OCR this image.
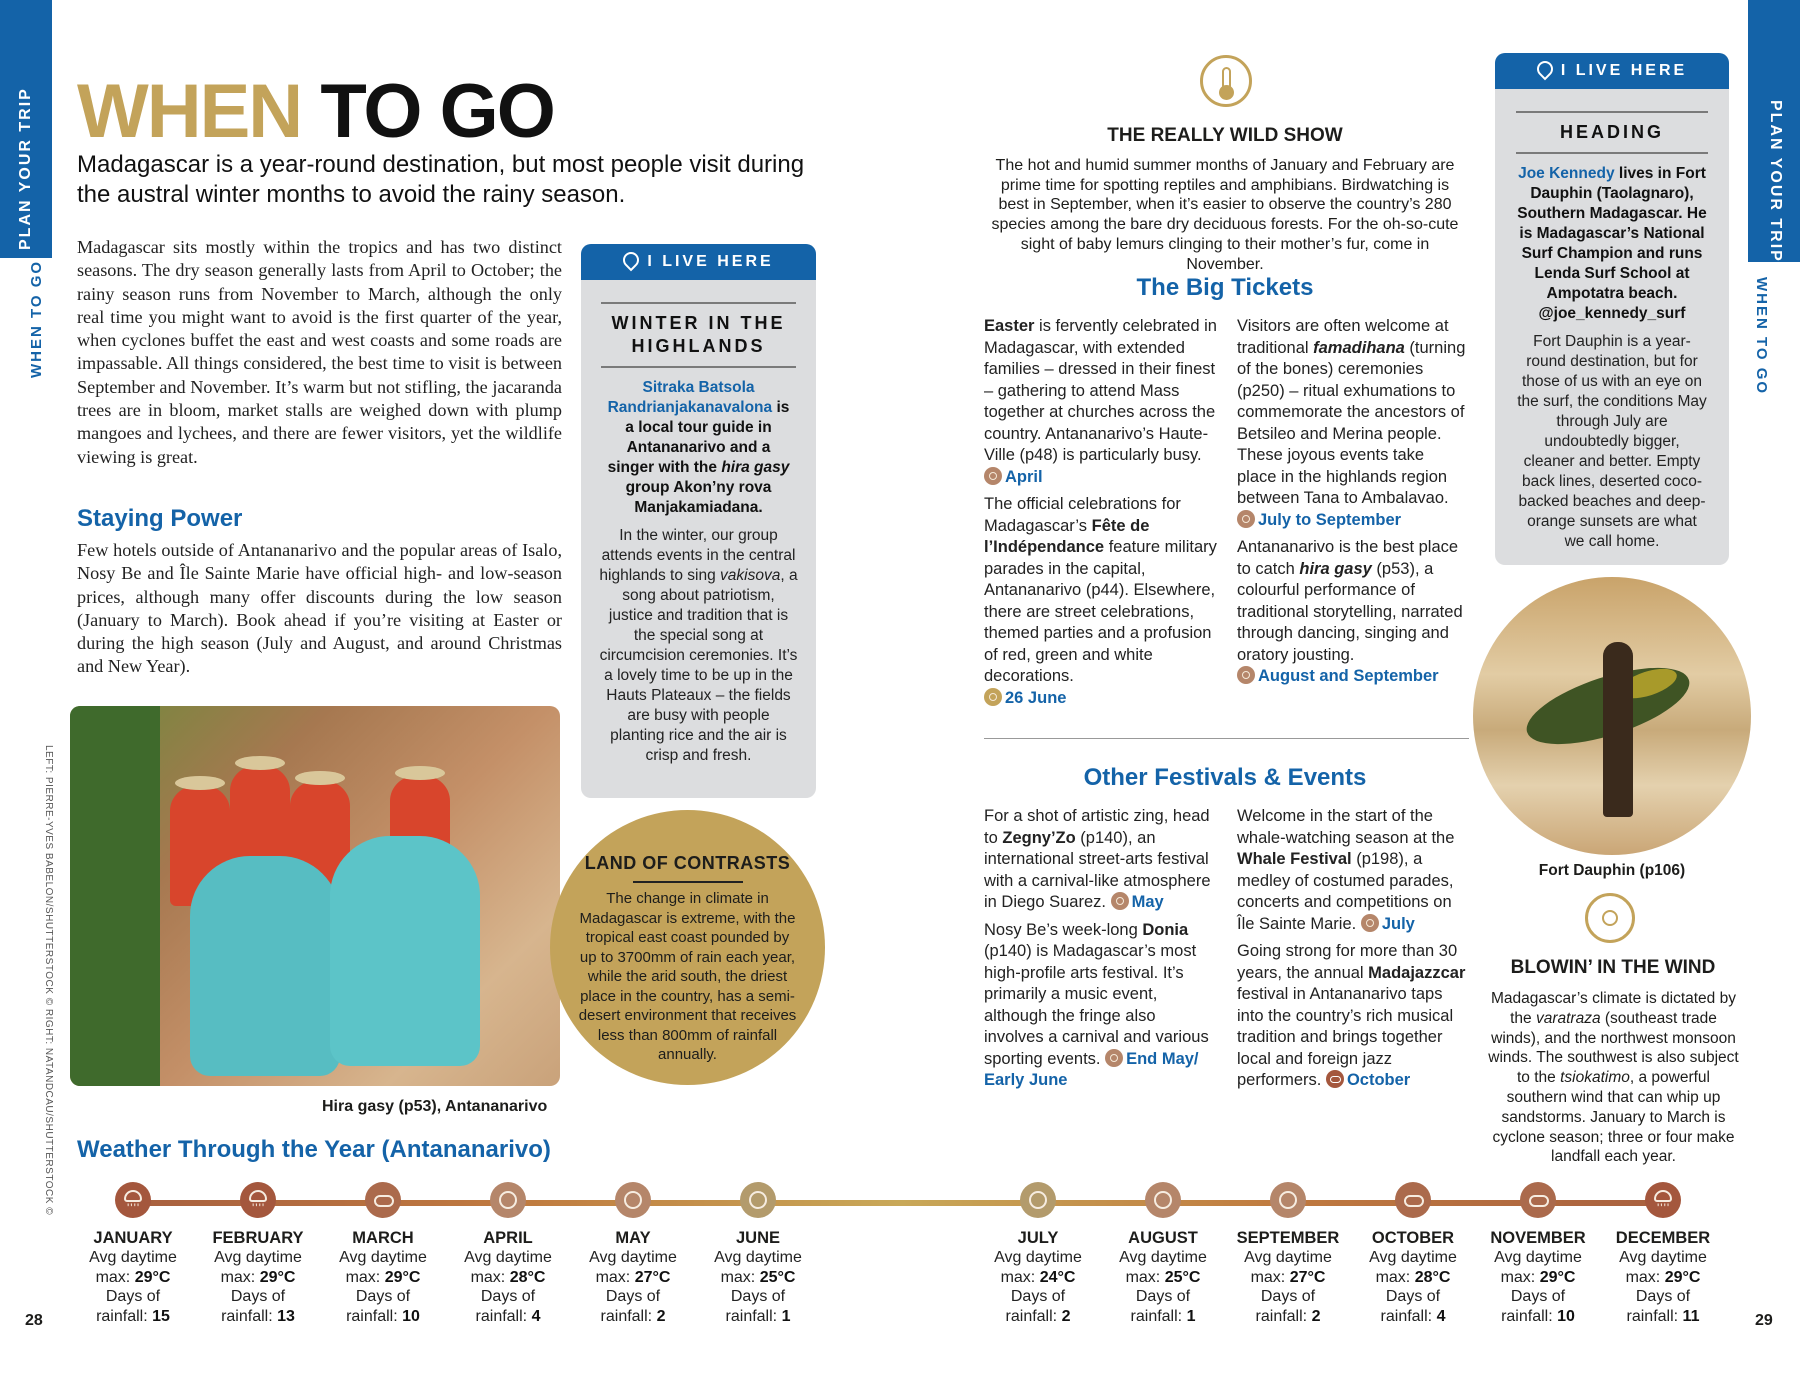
PLAN YOUR TRIP
WHEN TO GO
PLAN YOUR TRIP
WHEN TO GO
WHEN TO GO
Madagascar is a year-round destination, but most people visit during the austral winter months to avoid the rainy season.
Madagascar sits mostly within the tropics and has two distinct seasons. The dry season generally lasts from April to October; the rainy season runs from November to March, although the only real time you might want to avoid is the first quarter of the year, when cyclones buffet the east and west coasts and some roads are impassable. All things considered, the best time to visit is between September and November. It’s warm but not stifling, the jacaranda trees are in bloom, market stalls are weighed down with plump mangoes and lychees, and there are fewer visitors, yet the wildlife viewing is great.
Staying Power
Few hotels outside of Antananarivo and the popular areas of Isalo, Nosy Be and Île Sainte Marie have official high- and low-season prices, although many offer discounts during the low season (January to March). Book ahead if you’re visiting at Easter or during the high season (July and August, and around Christmas and New Year).
I LIVE HERE
WINTER IN THE HIGHLANDS
Sitraka Batsola Randrianjakanavalona is a local tour guide in Antananarivo and a singer with the hira gasy group Akon’ny rova Manjakamiadana.
In the winter, our group attends events in the central highlands to sing vakisova, a song about patriotism, justice and tradition that is the special song at circumcision ceremonies. It’s a lovely time to be up in the Hauts Plateaux – the fields are busy with people planting rice and the air is crisp and fresh.
LEFT: PIERRE-YVES BABELON/SHUTTERSTOCK © RIGHT: NATANDCAU/SHUTTERSTOCK ©	Hira gasy (p53), Antananarivo
LAND OF CONTRASTS

The change in climate in Madagascar is extreme, with the tropical east coast pounded by up to 3700mm of rain each year, while the arid south, the driest place in the country, has a semi-desert environment that receives less than 800mm of rainfall annually.

THE REALLY WILD SHOW
The hot and humid summer months of January and February are prime time for spotting reptiles and amphibians. Birdwatching is best in September, when it’s easier to observe the country’s 280 species among the bare dry deciduous forests. For the oh-so-cute sight of baby lemurs clinging to their mother’s fur, come in November.
The Big Tickets

Easter is fervently celebrated in Madagascar, with extended families – dressed in their finest – gathering to attend Mass together at churches across the country. Antananarivo’s Haute-Ville (p48) is particularly busy. April

The official celebrations for Madagascar’s Fête de l’Indépendance feature military parades in the capital, Antananarivo (p44). Elsewhere, there are street celebrations, themed parties and a profusion of red, green and white decorations.
26 June

Visitors are often welcome at traditional famadihana (turning of the bones) ceremonies (p250) – ritual exhumations to commemorate the ancestors of Betsileo and Merina people. These joyous events take place in the highlands region between Tana to Ambalavao. July to September

Antananarivo is the best place to catch hira gasy (p53), a colourful performance of traditional storytelling, narrated through dancing, singing and oratory jousting.
August and September

Other Festivals & Events

For a shot of artistic zing, head to Zegny’Zo (p140), an international street-arts festival with a carnival-like atmosphere in Diego Suarez. May

Nosy Be’s week-long Donia (p140) is Madagascar’s most high-profile arts festival. It’s primarily a music event, although the fringe also involves a carnival and various sporting events. End May/ Early June

Welcome in the start of the whale-watching season at the Whale Festival (p198), a medley of costumed parades, concerts and competitions on Île Sainte Marie. July

Going strong for more than 30 years, the annual Madajazzcar festival in Antananarivo taps into the country’s rich musical tradition and brings together local and foreign jazz performers. October

I LIVE HERE
HEADING
Joe Kennedy lives in Fort Dauphin (Taolagnaro), Southern Madagascar. He is Madagascar’s National Surf Champion and runs Lenda Surf School at Ampotatra beach. @joe_kennedy_surf
Fort Dauphin is a year-round destination, but for those of us with an eye on the surf, the conditions May through July are undoubtedly bigger, cleaner and better. Empty back lines, deserted coco-backed beaches and deep-orange sunsets are what we call home.
Fort Dauphin (p106)
BLOWIN’ IN THE WIND
Madagascar’s climate is dictated by the varatraza (southeast trade winds), and the northwest monsoon winds. The southwest is also subject to the tsiokatimo, a powerful southern wind that can whip up sandstorms. January to March is cyclone season; three or four make landfall each year.
Weather Through the Year (Antananarivo)
''''
JANUARY
Avg daytime
max: 29°C
Days of
rainfall: 15
''''
FEBRUARY
Avg daytime
max: 29°C
Days of
rainfall: 13
MARCH
Avg daytime
max: 29°C
Days of
rainfall: 10
APRIL
Avg daytime
max: 28°C
Days of
rainfall: 4
MAY
Avg daytime
max: 27°C
Days of
rainfall: 2
JUNE
Avg daytime
max: 25°C
Days of
rainfall: 1
JULY
Avg daytime
max: 24°C
Days of
rainfall: 2
AUGUST
Avg daytime
max: 25°C
Days of
rainfall: 1
SEPTEMBER
Avg daytime
max: 27°C
Days of
rainfall: 2
OCTOBER
Avg daytime
max: 28°C
Days of
rainfall: 4
NOVEMBER
Avg daytime
max: 29°C
Days of
rainfall: 10
''''
DECEMBER
Avg daytime
max: 29°C
Days of
rainfall: 11
28	29
